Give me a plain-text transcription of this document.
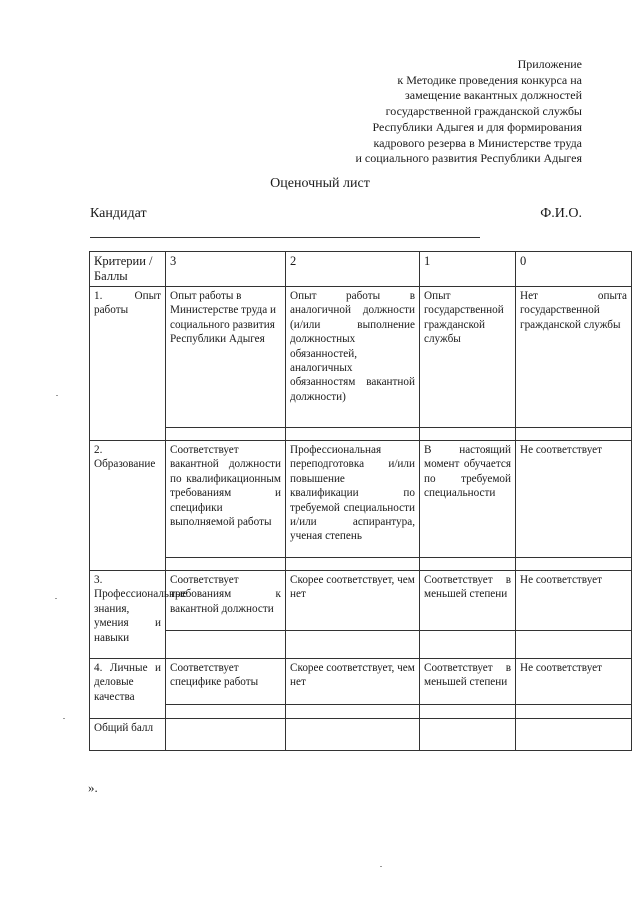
Приложение
к Методике проведения конкурса на
замещение вакантных должностей
государственной гражданской службы
Республики Адыгея и для формирования
кадрового резерва в Министерстве труда
и социального развития Республики Адыгея
Оценочный лист
Кандидат	Ф.И.О.
Критерии /Баллы	3	2	1	0
1. Опыт работы	Опыт работы в Министерстве труда и социального развития Республики Адыгея	Опыт работы в аналогичной должности (и/или выполнение должностных обязанностей, аналогичных обязанностям вакантной должности)	Опыт государственной гражданской службы	Нет опыта государственной гражданской службы

2. Образование	Соответствует вакантной должности по квалификационным требованиям и специфики выполняемой работы	Профессиональная переподготовка и/или повышение квалификации по требуемой специальности и/или аспирантура, ученая степень	В настоящий момент обучается по требуемой специальности	Не соответствует

3. Профессиональные знания, умения и навыки	Соответствует требованиям к вакантной должности	Скорее соответствует, чем нет	Соответствует в меньшей степени	Не соответствует

4. Личные и деловые качества	Соответствует специфике работы	Скорее соответствует, чем нет	Соответствует в меньшей степени	Не соответствует

Общий балл				
».
